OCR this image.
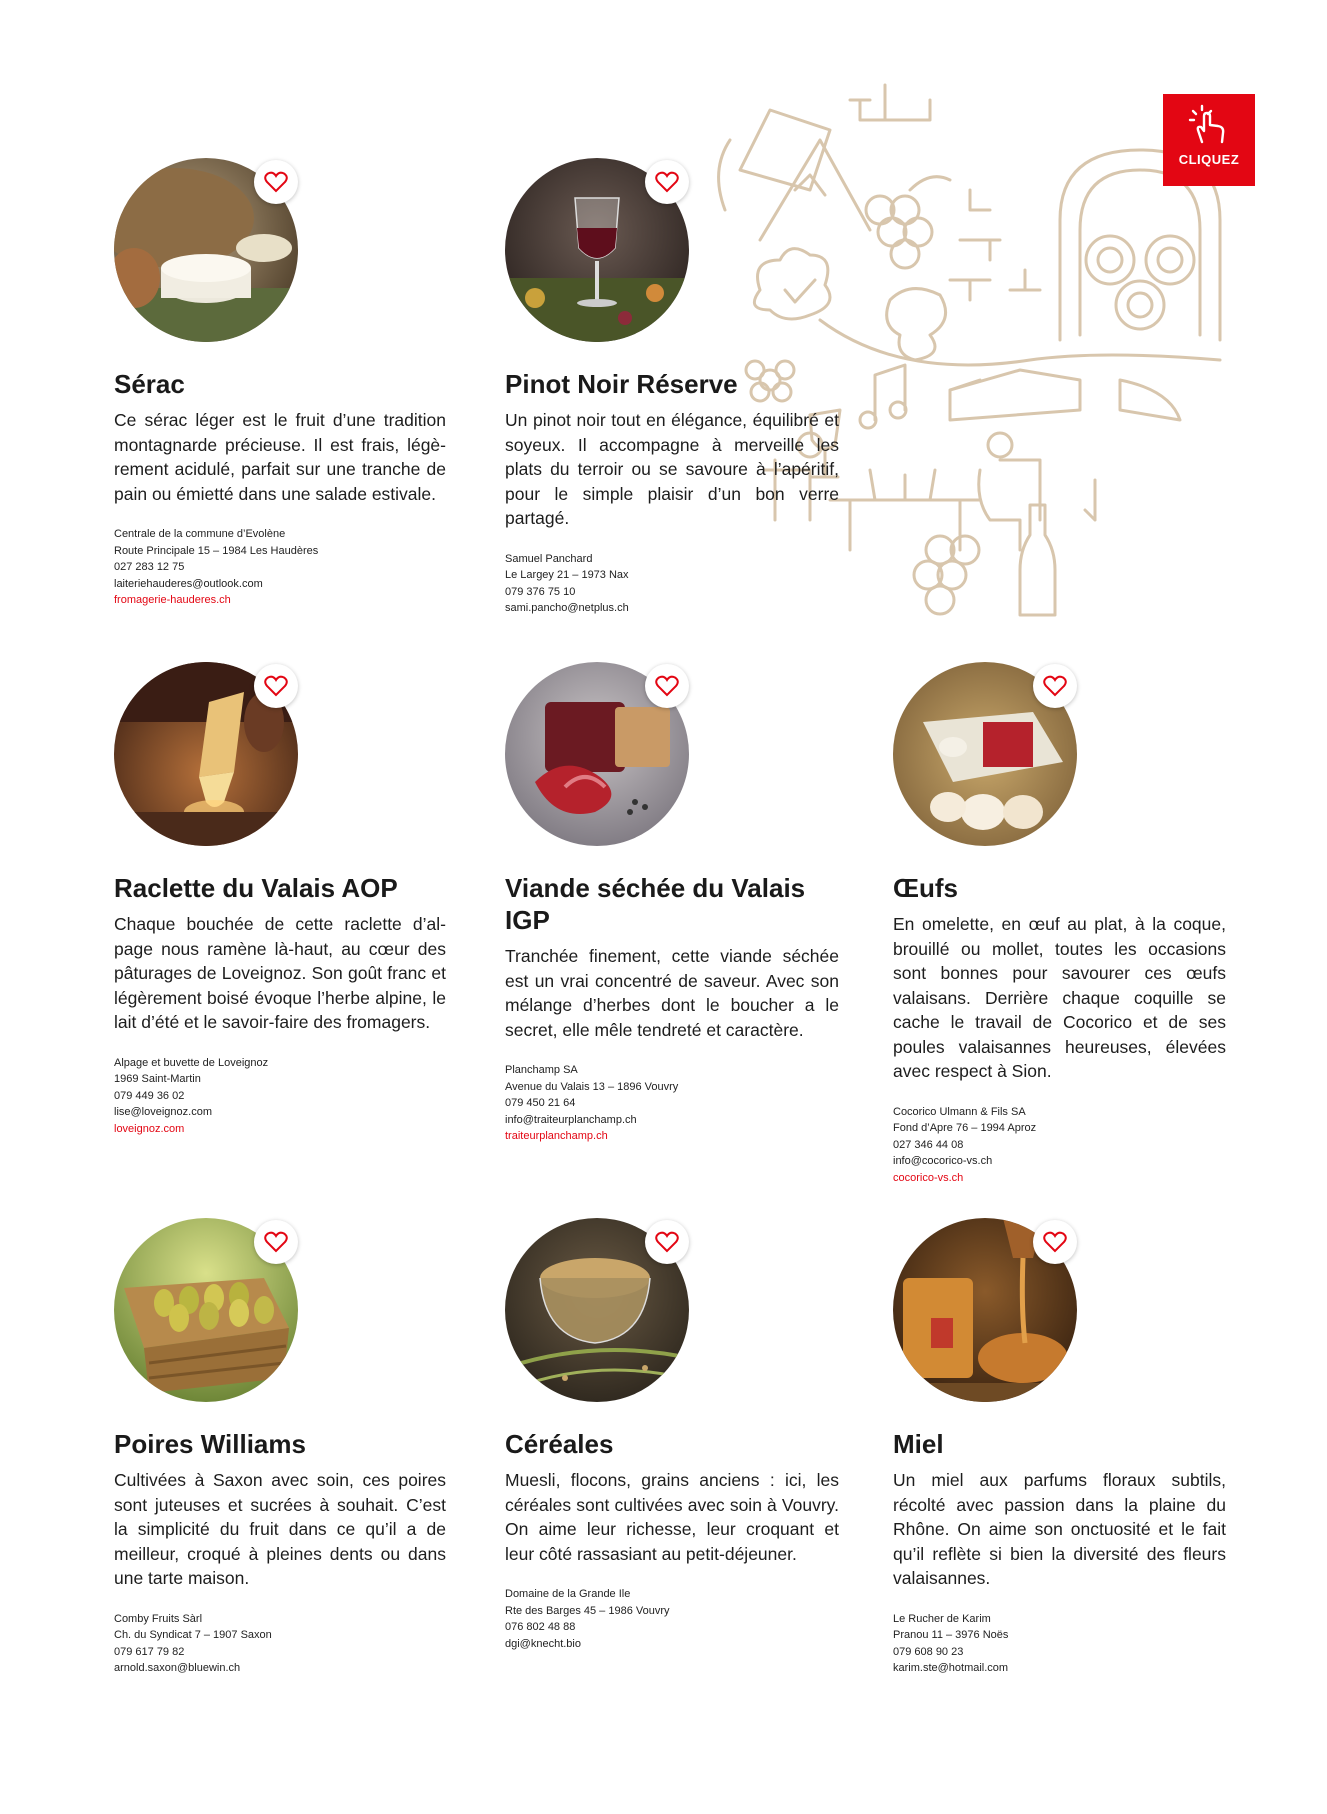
CLIQUEZ
Sérac
Ce sérac léger est le fruit d’une tradition montagnarde précieuse. Il est frais, légèrement acidulé, parfait sur une tranche de pain ou émietté dans une salade estivale.
Centrale de la commune d’Evolène
Route Principale 15 – 1984 Les Haudères
027 283 12 75
laiteriehauderes@outlook.com
fromagerie-hauderes.ch
Pinot Noir Réserve
Un pinot noir tout en élégance, équilibré et soyeux. Il accompagne à merveille les plats du terroir ou se savoure à l’apéritif, pour le simple plaisir d’un bon verre partagé.
Samuel Panchard
Le Largey 21 – 1973 Nax
079 376 75 10
sami.pancho@netplus.ch
Raclette du Valais AOP
Chaque bouchée de cette raclette d’alpage nous ramène là-haut, au cœur des pâturages de Loveignoz. Son goût franc et légèrement boisé évoque l’herbe alpine, le lait d’été et le savoir-faire des fromagers.
Alpage et buvette de Loveignoz
1969 Saint-Martin
079 449 36 02
lise@loveignoz.com
loveignoz.com
Viande séchée du Valais IGP
Tranchée finement, cette viande séchée est un vrai concentré de saveur. Avec son mélange d’herbes dont le boucher a le secret, elle mêle tendreté et caractère.
Planchamp SA
Avenue du Valais 13 – 1896 Vouvry
079 450 21 64
info@traiteurplanchamp.ch
traiteurplanchamp.ch
Œufs
En omelette, en œuf au plat, à la coque, brouillé ou mollet, toutes les occasions sont bonnes pour savourer ces œufs valaisans. Derrière chaque coquille se cache le travail de Cocorico et de ses poules valaisannes heureuses, élevées avec respect à Sion.
Cocorico Ulmann & Fils SA
Fond d’Apre 76 – 1994 Aproz
027 346 44 08
info@cocorico-vs.ch
cocorico-vs.ch
Poires Williams
Cultivées à Saxon avec soin, ces poires sont juteuses et sucrées à souhait. C’est la simplicité du fruit dans ce qu’il a de meilleur, croqué à pleines dents ou dans une tarte maison.
Comby Fruits Sàrl
Ch. du Syndicat 7 – 1907 Saxon
079 617 79 82
arnold.saxon@bluewin.ch
Céréales
Muesli, flocons, grains anciens : ici, les céréales sont cultivées avec soin à Vouvry. On aime leur richesse, leur croquant et leur côté rassasiant au petit-déjeuner.
Domaine de la Grande Ile
Rte des Barges 45 – 1986 Vouvry
076 802 48 88
dgi@knecht.bio
Miel
Un miel aux parfums floraux subtils, récolté avec passion dans la plaine du Rhône. On aime son onctuosité et le fait qu’il reflète si bien la diversité des fleurs valaisannes.
Le Rucher de Karim
Pranou 11 – 3976 Noës
079 608 90 23
karim.ste@hotmail.com
